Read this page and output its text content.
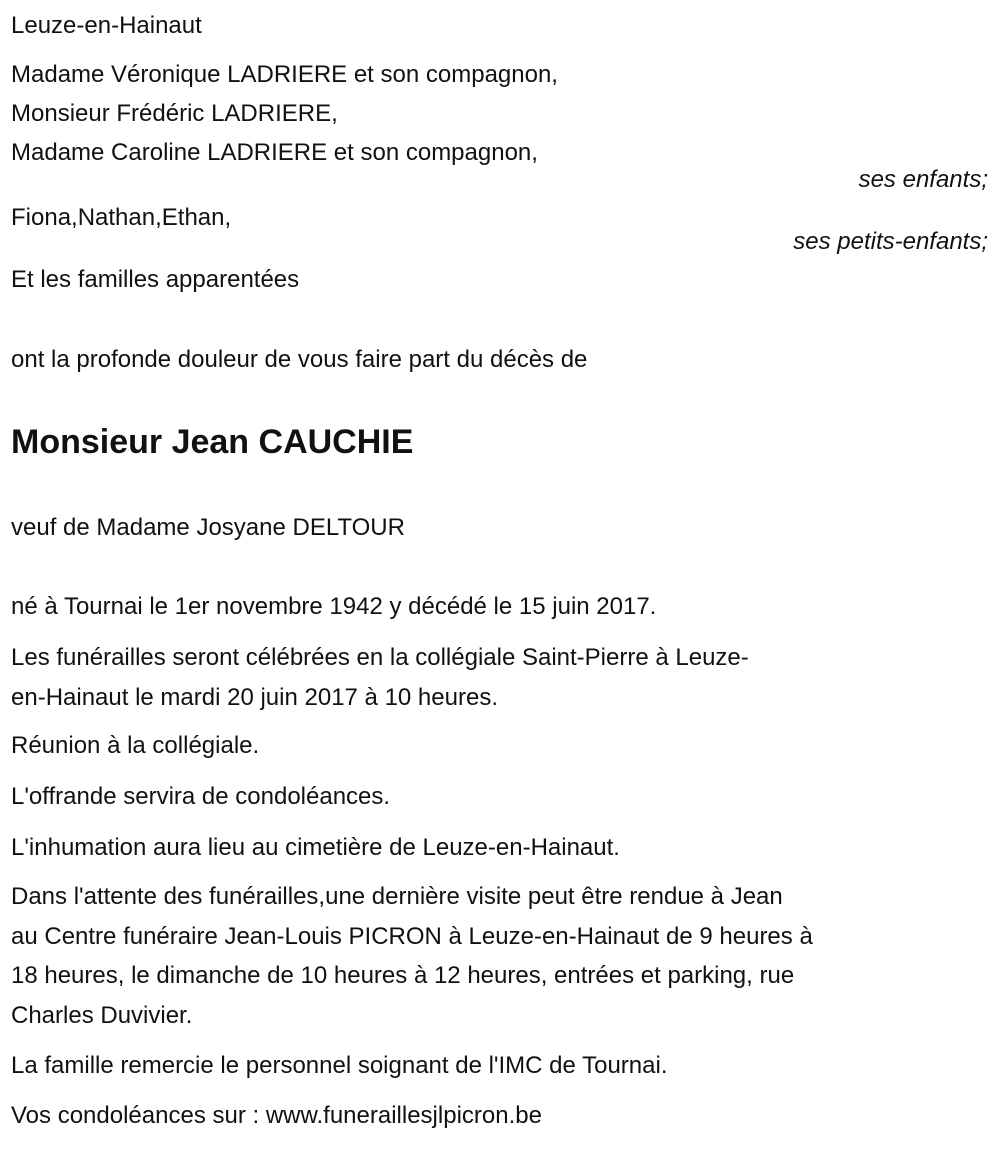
Leuze-en-Hainaut
Madame Véronique LADRIERE et son compagnon,
Monsieur Frédéric LADRIERE,
Madame Caroline LADRIERE et son compagnon,
ses enfants;
Fiona,Nathan,Ethan,
ses petits-enfants;
Et les familles apparentées
ont la profonde douleur de vous faire part du décès de
Monsieur Jean CAUCHIE
veuf de Madame Josyane DELTOUR
né à Tournai le 1er novembre 1942 y décédé le 15 juin 2017.
Les funérailles seront célébrées en la collégiale Saint-Pierre à Leuze-
en-Hainaut le mardi 20 juin 2017 à 10 heures.
Réunion à la collégiale.
L'offrande servira de condoléances.
L'inhumation aura lieu au cimetière de Leuze-en-Hainaut.
Dans l'attente des funérailles,une dernière visite peut être rendue à Jean
au Centre funéraire Jean-Louis PICRON à Leuze-en-Hainaut de 9 heures à
18 heures, le dimanche de 10 heures à 12 heures, entrées et parking, rue
Charles Duvivier.
La famille remercie le personnel soignant de l'IMC de Tournai.
Vos condoléances sur : www.funeraillesjlpicron.be
